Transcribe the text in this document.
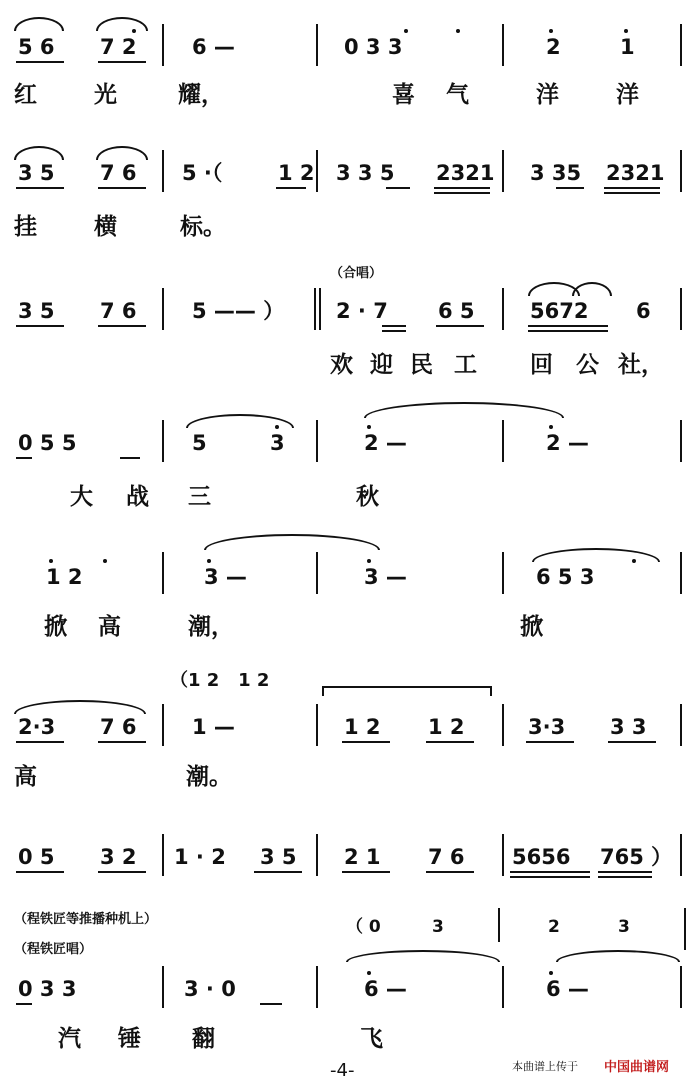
5 6 7 2	6 —	0 3 3	2	1
红 光	耀，	喜 气	洋 洋
3 5 7 6 5 ·（	1 2 3 3 5 2321 3 35 2321
挂 横	标。
（合唱）
3 5 7 6	5 —— ） 2 · 7 6 5	5672 6
欢 迎 民 工 回 公 社，
0 5 5	5	3	2 —	2 —
大 战 三	秋
1 2	3 —	3 —	6 5 3
掀 高	潮，	掀
（1 2   1 2
2·3 7 6	1 —	1 2 1 2	3·3 3 3
高	潮。
0 5 3 2 1 · 2 3 5 2 1 7 6 5656 765 ）
（程铁匠等推播种机上）
（程铁匠唱）
（ 0	3	2	3
0 3 3	3 · 0	6 —	6 —
汽 锤 翻	飞
-4-	本曲谱上传于 中国曲谱网
